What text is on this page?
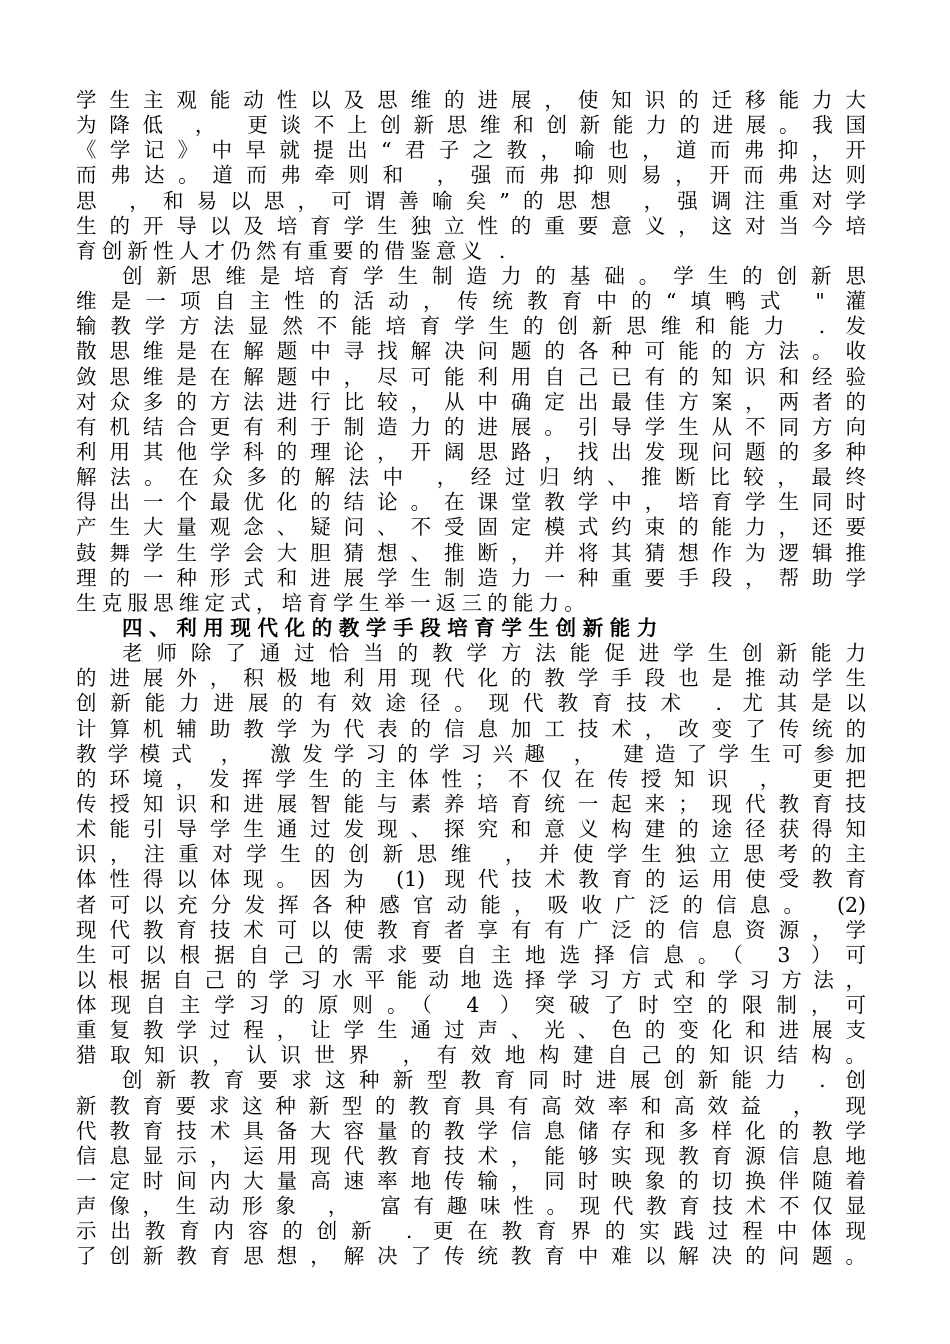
学生主观能动性以及思维的进展，使知识的迁移能力大
为降低 ， 更谈不上创新思维和创新能力的进展。我国
《学记》中早就提出“君子之教，喻也，道而弗抑，开
而弗达。道而弗牵则和 ，强而弗抑则易，开而弗达则
思 ，和易以思，可谓善喻矣”的思想 ，强调注重对学
生的开导以及培育学生独立性的重要意义，这对当今培
育创新性人才仍然有重要的借鉴意义 .
创新思维是培育学生制造力的基础。学生的创新思
维是一项自主性的活动，传统教育中的“填鸭式 " 灌
输教学方法显然不能培育学生的创新思维和能力 . 发
散思维是在解题中寻找解决问题的各种可能的方法。收
敛思维是在解题中，尽可能利用自己已有的知识和经验
对众多的方法进行比较，从中确定出最佳方案，两者的
有机结合更有利于制造力的进展。引导学生从不同方向
利用其他学科的理论，开阔思路，找出发现问题的多种
解法。在众多的解法中 ，经过归纳、推断比较，最终
得出一个最优化的结论。在课堂教学中，培育学生同时
产生大量观念、疑问、不受固定模式约束的能力，还要
鼓舞学生学会大胆猜想、推断，并将其猜想作为逻辑推
理的一种形式和进展学生制造力一种重要手段，帮助学
生克服思维定式，培育学生举一返三的能力。
四、利用现代化的教学手段培育学生创新能力
老师除了通过恰当的教学方法能促进学生创新能力
的进展外，积极地利用现代化的教学手段也是推动学生
创新能力进展的有效途径。现代教育技术 . 尤其是以
计算机辅助教学为代表的信息加工技术，改变了传统的
教学模式 ， 激发学习的学习兴趣 ， 建造了学生可参加
的环境，发挥学生的主体性；不仅在传授知识 ， 更把
传授知识和进展智能与素养培育统一起来；现代教育技
术能引导学生通过发现、探究和意义构建的途径获得知
识，注重对学生的创新思维 ，并使学生独立思考的主
体性得以体现。因为 (1) 现代技术教育的运用使受教育
者可以充分发挥各种感官动能，吸收广泛的信息。 (2)
现代教育技术可以使教育者享有有广泛的信息资源，学
生可以根据自己的需求要自主地选择信息。（ 3 ）可
以根据自己的学习水平能动地选择学习方式和学习方法，
体现自主学习的原则。（ 4 ）突破了时空的限制，可
重复教学过程，让学生通过声、光、色的变化和进展支
猎取知识，认识世界 ，有效地构建自己的知识结构。
创新教育要求这种新型教育同时进展创新能力 . 创
新教育要求这种新型的教育具有高效率和高效益 ， 现
代教育技术具备大容量的教学信息储存和多样化的教学
信息显示，运用现代教育技术，能够实现教育源信息地
一定时间内大量高速率地传输，同时映象的切换伴随着
声像，生动形象 ， 富有趣味性。现代教育技术不仅显
示出教育内容的创新 . 更在教育界的实践过程中体现
了创新教育思想，解决了传统教育中难以解决的问题。
